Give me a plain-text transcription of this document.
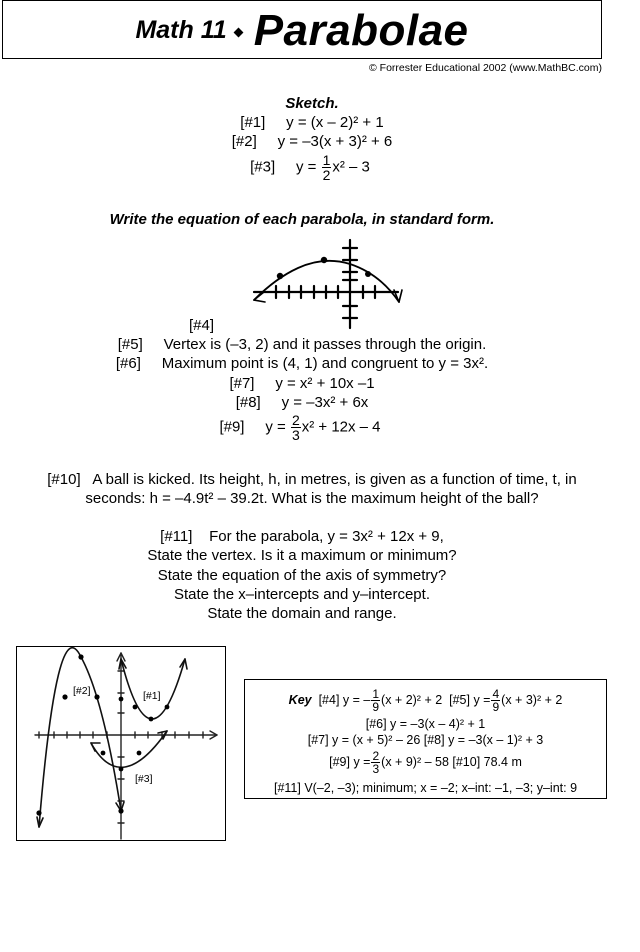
Math 11 Parabolae
© Forrester Educational 2002 (www.MathBC.com)
Sketch.
[#1] y = (x – 2)² + 1
[#2] y = –3(x + 3)² + 6
[#3] $y = \frac{1}{2} x^2 - 3$
Write the equation of each parabola, in standard form.
[#4]
[#5] Vertex is (–3, 2) and it passes through the origin.
[#6] Maximum point is (4, 1) and congruent to y = 3x².
[#7] y = x² + 10x –1
[#8] y = –3x² + 6x
[#9] $y = \frac{2}{3} x^2 + 12x - 4$
[#10] A ball is kicked. Its height, h, in metres, is given as a function of time, t, in
seconds: h = –4.9t² – 39.2t. What is the maximum height of the ball?
[#11] For the parabola, y = 3x² + 12x + 9,
State the vertex. Is it a maximum or minimum?
State the equation of the axis of symmetry?
State the x–intercepts and y–intercept.
State the domain and range.
[#2]	[#1]
[#3]
Key [#4] y = – $\frac{1}{9} (x + 2)^2 + 2$ [#5] $y = \frac{4}{9} (x + 3)^2 + 2$
[#6] y = –3(x – 4)² + 1
[#7] y = (x + 5)² – 26 [#8] y = –3(x – 1)² + 3
[#9] $y = \frac{2}{3} (x + 9)^2 - 58$ [#10] 78.4 m
[#11] V(–2, –3); minimum; x = –2; x–int: –1, –3; y–int: 9
